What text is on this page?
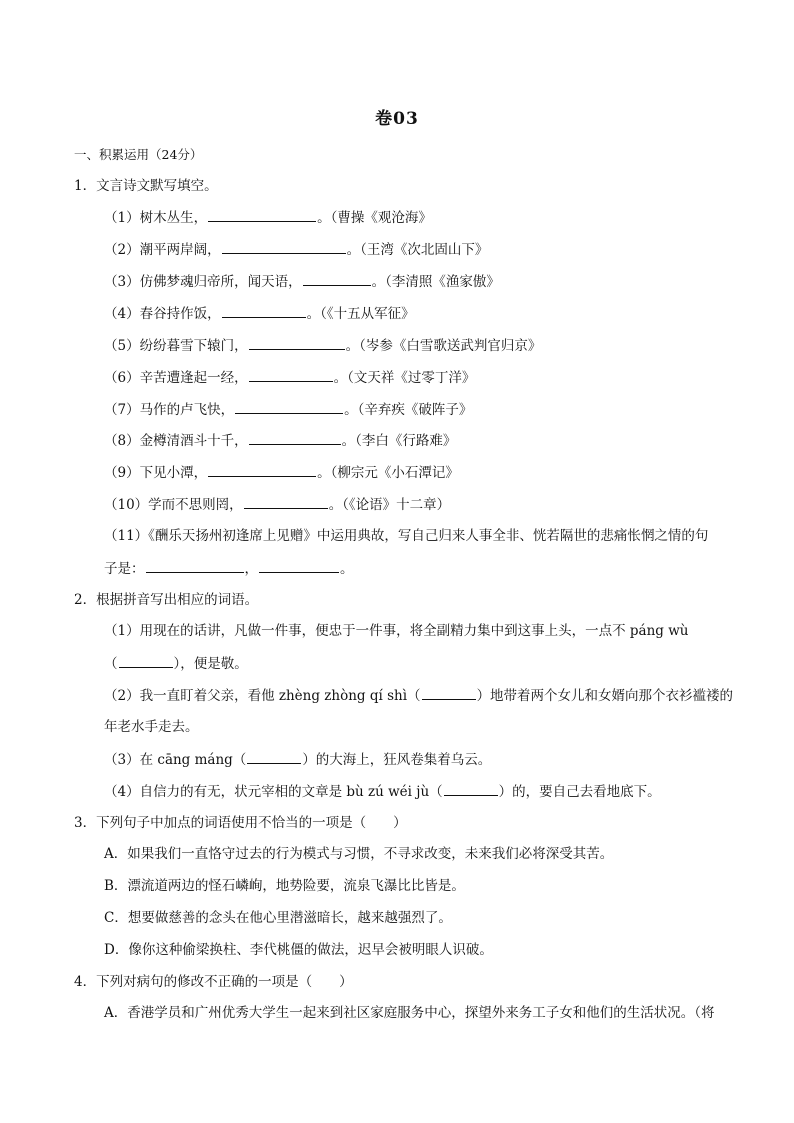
卷03
一、积累运用（24分）
1．文言诗文默写填空。
（1）树木丛生，	。（曹操《观沧海》
（2）潮平两岸阔，	。（王湾《次北固山下》
（3）仿佛梦魂归帝所，闻天语，	。（李清照《渔家傲》
（4）春谷持作饭，	。（《十五从军征》
（5）纷纷暮雪下辕门，	。（岑参《白雪歌送武判官归京》
（6）辛苦遭逢起一经，	。（文天祥《过零丁洋》
（7）马作的卢飞快，	。（辛弃疾《破阵子》
（8）金樽清酒斗十千，	。（李白《行路难》
（9）下见小潭，	。（柳宗元《小石潭记》
（10）学而不思则罔，	。（《论语》十二章）
（11）《酬乐天扬州初逢席上见赠》中运用典故，写自己归来人事全非、恍若隔世的悲痛怅惘之情的句
子是：	，	。
2．根据拼音写出相应的词语。
（1）用现在的话讲，凡做一件事，便忠于一件事，将全副精力集中到这事上头，一点不 páng wù
（	），便是敬。
（2）我一直盯着父亲，看他 zhèng zhòng qí shì（	）地带着两个女儿和女婿向那个衣衫褴褛的
年老水手走去。
（3）在 cāng máng（	）的大海上，狂风卷集着乌云。
（4）自信力的有无，状元宰相的文章是 bù zú wéi jù（	）的，要自己去看地底下。
3．下列句子中加点的词语使用不恰当的一项是（　　）
A．如果我们一直恪守过去的行为模式与习惯，不寻求改变，未来我们必将深受其苦。
B．漂流道两边的怪石嶙峋，地势险要，流泉飞瀑比比皆是。
C．想要做慈善的念头在他心里潜滋暗长，越来越强烈了。
D．像你这种偷梁换柱、李代桃僵的做法，迟早会被明眼人识破。
4．下列对病句的修改不正确的一项是（　　）
A．香港学员和广州优秀大学生一起来到社区家庭服务中心，探望外来务工子女和他们的生活状况。（将
